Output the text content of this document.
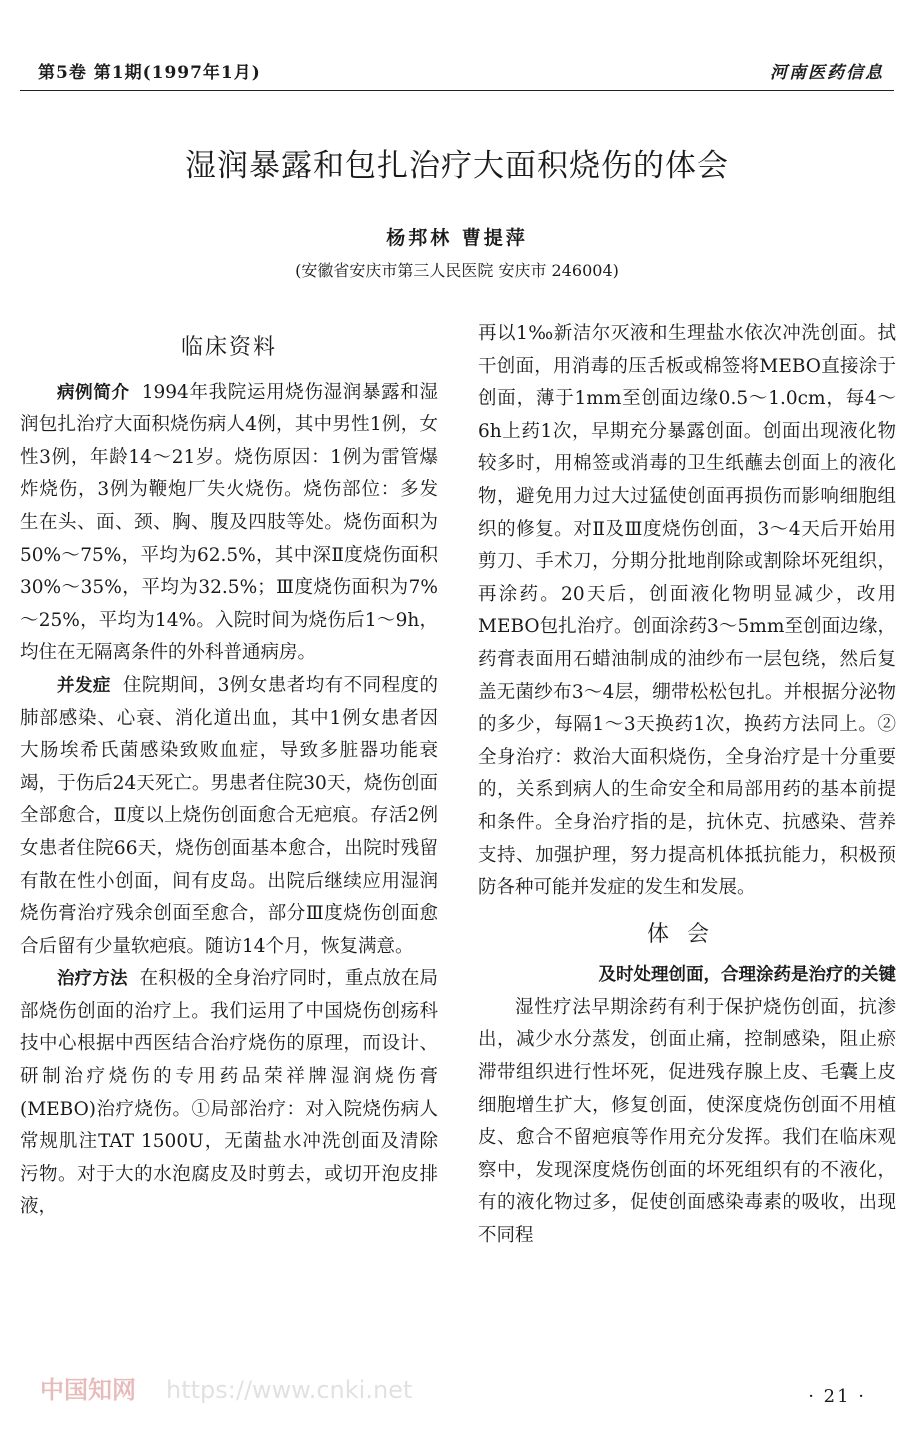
第5卷 第1期(1997年1月)	河南医药信息
湿润暴露和包扎治疗大面积烧伤的体会
杨邦林 曹提萍
(安徽省安庆市第三人民医院 安庆市 246004)
临床资料

病例简介 1994年我院运用烧伤湿润暴露和湿润包扎治疗大面积烧伤病人4例，其中男性1例，女性3例，年龄14～21岁。烧伤原因：1例为雷管爆炸烧伤，3例为鞭炮厂失火烧伤。烧伤部位：多发生在头、面、颈、胸、腹及四肢等处。烧伤面积为50%～75%，平均为62.5%，其中深Ⅱ度烧伤面积30%～35%，平均为32.5%；Ⅲ度烧伤面积为7%～25%，平均为14%。入院时间为烧伤后1～9h，均住在无隔离条件的外科普通病房。

并发症 住院期间，3例女患者均有不同程度的肺部感染、心衰、消化道出血，其中1例女患者因大肠埃希氏菌感染致败血症，导致多脏器功能衰竭，于伤后24天死亡。男患者住院30天，烧伤创面全部愈合，Ⅱ度以上烧伤创面愈合无疤痕。存活2例女患者住院66天，烧伤创面基本愈合，出院时残留有散在性小创面，间有皮岛。出院后继续应用湿润烧伤膏治疗残余创面至愈合，部分Ⅲ度烧伤创面愈合后留有少量软疤痕。随访14个月，恢复满意。

治疗方法 在积极的全身治疗同时，重点放在局部烧伤创面的治疗上。我们运用了中国烧伤创疡科技中心根据中西医结合治疗烧伤的原理，而设计、研制治疗烧伤的专用药品荣祥牌湿润烧伤膏(MEBO)治疗烧伤。①局部治疗：对入院烧伤病人常规肌注TAT 1500U，无菌盐水冲洗创面及清除污物。对于大的水泡腐皮及时剪去，或切开泡皮排液，

再以1‰新洁尔灭液和生理盐水依次冲洗创面。拭干创面，用消毒的压舌板或棉签将MEBO直接涂于创面，薄于1mm至创面边缘0.5～1.0cm，每4～6h上药1次，早期充分暴露创面。创面出现液化物较多时，用棉签或消毒的卫生纸蘸去创面上的液化物，避免用力过大过猛使创面再损伤而影响细胞组织的修复。对Ⅱ及Ⅲ度烧伤创面，3～4天后开始用剪刀、手术刀，分期分批地削除或割除坏死组织，再涂药。20天后，创面液化物明显减少，改用MEBO包扎治疗。创面涂药3～5mm至创面边缘，药膏表面用石蜡油制成的油纱布一层包绕，然后复盖无菌纱布3～4层，绷带松松包扎。并根据分泌物的多少，每隔1～3天换药1次，换药方法同上。②全身治疗：救治大面积烧伤，全身治疗是十分重要的，关系到病人的生命安全和局部用药的基本前提和条件。全身治疗指的是，抗休克、抗感染、营养支持、加强护理，努力提高机体抵抗能力，积极预防各种可能并发症的发生和发展。

体会
及时处理创面，合理涂药是治疗的关键

湿性疗法早期涂药有利于保护烧伤创面，抗渗出，减少水分蒸发，创面止痛，控制感染，阻止瘀滞带组织进行性坏死，促进残存腺上皮、毛囊上皮细胞增生扩大，修复创面，使深度烧伤创面不用植皮、愈合不留疤痕等作用充分发挥。我们在临床观察中，发现深度烧伤创面的坏死组织有的不液化，有的液化物过多，促使创面感染毒素的吸收，出现不同程

中国知网 https://www.cnki.net	· 21 ·
